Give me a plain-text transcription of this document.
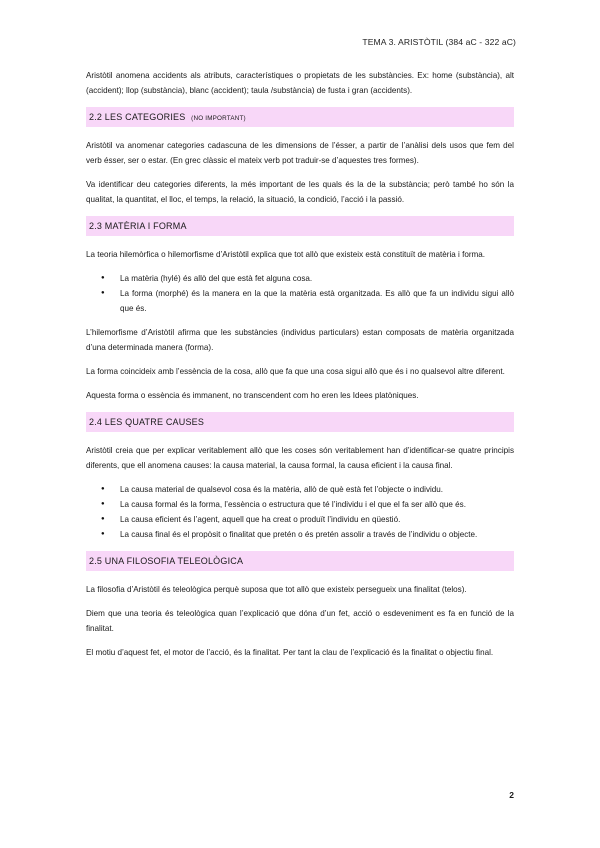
TEMA 3. ARISTÒTIL (384 aC - 322 aC)

Aristòtil anomena accidents als atributs, característiques o propietats de les substàncies. Ex: home (substància), alt (accident); llop (substància), blanc (accident); taula /substància) de fusta i gran (accidents).

2.2 LES CATEGORIES (NO IMPORTANT)

Aristòtil va anomenar categories cadascuna de les dimensions de l’ésser, a partir de l’anàlisi dels usos que fem del verb ésser, ser o estar. (En grec clàssic el mateix verb pot traduir-se d’aquestes tres formes).

Va identificar deu categories diferents, la més important de les quals és la de la substància; però també ho són la qualitat, la quantitat, el lloc, el temps, la relació, la situació, la condició, l’acció i la passió.

2.3 MATÈRIA I FORMA

La teoria hilemòrfica o hilemorfisme d’Aristòtil explica que tot allò que existeix està constituït de matèria i forma.

● La matèria (hylé) és allò del que està fet alguna cosa.
● La forma (morphé) és la manera en la que la matèria està organitzada. Es allò que fa un individu sigui allò que és.

L’hilemorfisme d’Aristòtil afirma que les substàncies (individus particulars) estan composats de matèria organitzada d’una determinada manera (forma).

La forma coincideix amb l’essència de la cosa, allò que fa que una cosa sigui allò que és i no qualsevol altre diferent.

Aquesta forma o essència és immanent, no transcendent com ho eren les Idees platòniques.

2.4 LES QUATRE CAUSES

Aristòtil creia que per explicar veritablement allò que les coses són veritablement han d’identificar-se quatre principis diferents, que ell anomena causes: la causa material, la causa formal, la causa eficient i la causa final.

● La causa material de qualsevol cosa és la matèria, allò de què està fet l’objecte o individu.
● La causa formal és la forma, l’essència o estructura que té l’individu i el que el fa ser allò que és.
● La causa eficient és l’agent, aquell que ha creat o produït l’individu en qüestió.
● La causa final és el propòsit o finalitat que pretén o és pretén assolir a través de l’individu o objecte.
2.5 UNA FILOSOFIA TELEOLÒGICA

La filosofia d’Aristòtil és teleològica perquè suposa que tot allò que existeix persegueix una finalitat (telos).

Diem que una teoria és teleològica quan l’explicació que dóna d’un fet, acció o esdeveniment es fa en funció de la finalitat.

El motiu d’aquest fet, el motor de l’acció, és la finalitat. Per tant la clau de l’explicació és la finalitat o objectiu final.

2
